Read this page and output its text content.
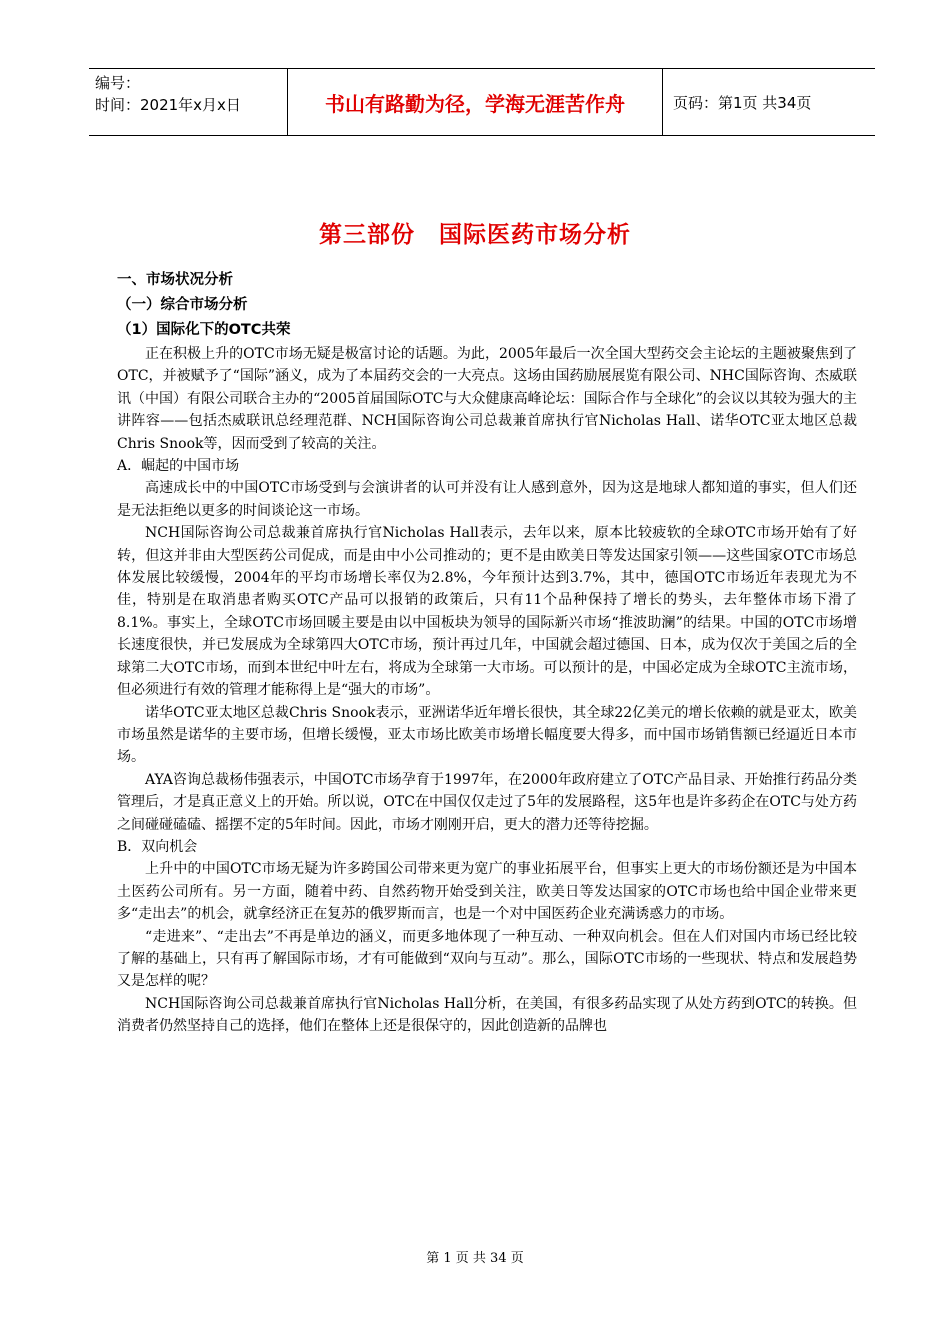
编号：
时间：2021年x月x日	书山有路勤为径，学海无涯苦作舟	页码：第1页 共34页
第三部份　国际医药市场分析
一、市场状况分析
（一）综合市场分析
（1）国际化下的OTC共荣

正在积极上升的OTC市场无疑是极富讨论的话题。为此，2005年最后一次全国大型药交会主论坛的主题被聚焦到了OTC，并被赋予了“国际”涵义，成为了本届药交会的一大亮点。这场由国药励展展览有限公司、NHC国际咨询、杰威联讯（中国）有限公司联合主办的“2005首届国际OTC与大众健康高峰论坛：国际合作与全球化”的会议以其较为强大的主讲阵容——包括杰威联讯总经理范群、NCH国际咨询公司总裁兼首席执行官Nicholas Hall、诺华OTC亚太地区总裁Chris Snook等，因而受到了较高的关注。

A．崛起的中国市场

高速成长中的中国OTC市场受到与会演讲者的认可并没有让人感到意外，因为这是地球人都知道的事实，但人们还是无法拒绝以更多的时间谈论这一市场。

NCH国际咨询公司总裁兼首席执行官Nicholas Hall表示，去年以来，原本比较疲软的全球OTC市场开始有了好转，但这并非由大型医药公司促成，而是由中小公司推动的；更不是由欧美日等发达国家引领——这些国家OTC市场总体发展比较缓慢，2004年的平均市场增长率仅为2.8%，今年预计达到3.7%，其中，德国OTC市场近年表现尤为不佳，特别是在取消患者购买OTC产品可以报销的政策后，只有11个品种保持了增长的势头，去年整体市场下滑了8.1%。事实上，全球OTC市场回暖主要是由以中国板块为领导的国际新兴市场“推波助澜”的结果。中国的OTC市场增长速度很快，并已发展成为全球第四大OTC市场，预计再过几年，中国就会超过德国、日本，成为仅次于美国之后的全球第二大OTC市场，而到本世纪中叶左右，将成为全球第一大市场。可以预计的是，中国必定成为全球OTC主流市场，但必须进行有效的管理才能称得上是“强大的市场”。

诺华OTC亚太地区总裁Chris Snook表示，亚洲诺华近年增长很快，其全球22亿美元的增长依赖的就是亚太，欧美市场虽然是诺华的主要市场，但增长缓慢，亚太市场比欧美市场增长幅度要大得多，而中国市场销售额已经逼近日本市场。

AYA咨询总裁杨伟强表示，中国OTC市场孕育于1997年，在2000年政府建立了OTC产品目录、开始推行药品分类管理后，才是真正意义上的开始。所以说，OTC在中国仅仅走过了5年的发展路程，这5年也是许多药企在OTC与处方药之间碰碰磕磕、摇摆不定的5年时间。因此，市场才刚刚开启，更大的潜力还等待挖掘。

B．双向机会

上升中的中国OTC市场无疑为许多跨国公司带来更为宽广的事业拓展平台，但事实上更大的市场份额还是为中国本土医药公司所有。另一方面，随着中药、自然药物开始受到关注，欧美日等发达国家的OTC市场也给中国企业带来更多“走出去”的机会，就拿经济正在复苏的俄罗斯而言，也是一个对中国医药企业充满诱惑力的市场。

“走进来”、“走出去”不再是单边的涵义，而更多地体现了一种互动、一种双向机会。但在人们对国内市场已经比较了解的基础上，只有再了解国际市场，才有可能做到“双向与互动”。那么，国际OTC市场的一些现状、特点和发展趋势又是怎样的呢？

NCH国际咨询公司总裁兼首席执行官Nicholas Hall分析，在美国，有很多药品实现了从处方药到OTC的转换。但消费者仍然坚持自己的选择，他们在整体上还是很保守的，因此创造新的品牌也

第 1 页 共 34 页
